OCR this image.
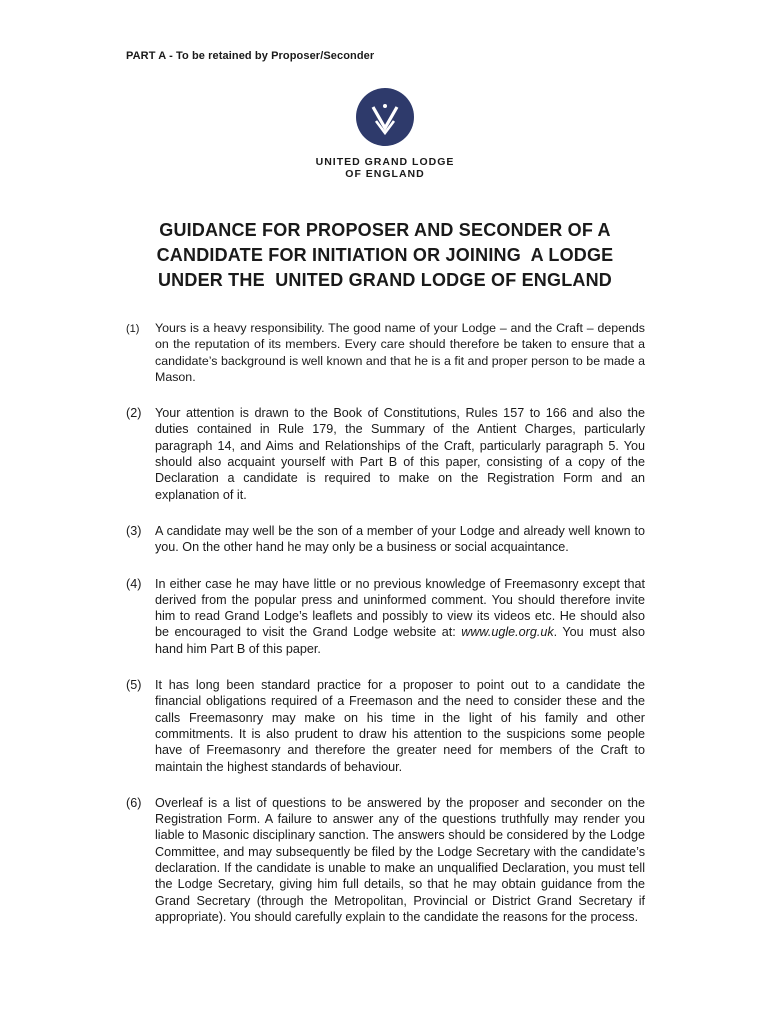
PART A - To be retained by Proposer/Seconder
UNITED GRAND LODGE
OF ENGLAND
GUIDANCE FOR PROPOSER AND SECONDER OF A
CANDIDATE FOR INITIATION OR JOINING  A LODGE
UNDER THE  UNITED GRAND LODGE OF ENGLAND
(1) Yours is a heavy responsibility. The good name of your Lodge – and the Craft – depends on the reputation of its members. Every care should therefore be taken to ensure that a candidate’s background is well known and that he is a fit and proper person to be made a Mason.
(2) Your attention is drawn to the Book of Constitutions, Rules 157 to 166 and also the duties contained in Rule 179, the Summary of the Antient Charges, particularly paragraph 14, and Aims and Relationships of the Craft, particularly paragraph 5. You should also acquaint yourself with Part B of this paper, consisting of a copy of the Declaration a candidate is required to make on the Registration Form and an explanation of it.
(3) A candidate may well be the son of a member of your Lodge and already well known to you. On the other hand he may only be a business or social acquaintance.
(4) In either case he may have little or no previous knowledge of Freemasonry except that derived from the popular press and uninformed comment. You should therefore invite him to read Grand Lodge’s leaflets and possibly to view its videos etc. He should also be encouraged to visit the Grand Lodge website at: www.ugle.org.uk. You must also hand him Part B of this paper.
(5) It has long been standard practice for a proposer to point out to a candidate the financial obligations required of a Freemason and the need to consider these and the calls Freemasonry may make on his time in the light of his family and other commitments. It is also prudent to draw his attention to the suspicions some people have of Freemasonry and therefore the greater need for members of the Craft to maintain the highest standards of behaviour.
(6) Overleaf is a list of questions to be answered by the proposer and seconder on the Registration Form. A failure to answer any of the questions truthfully may render you liable to Masonic disciplinary sanction. The answers should be considered by the Lodge Committee, and may subsequently be filed by the Lodge Secretary with the candidate’s declaration. If the candidate is unable to make an unqualified Declaration, you must tell the Lodge Secretary, giving him full details, so that he may obtain guidance from the Grand Secretary (through the Metropolitan, Provincial or District Grand Secretary if appropriate). You should carefully explain to the candidate the reasons for the process.
